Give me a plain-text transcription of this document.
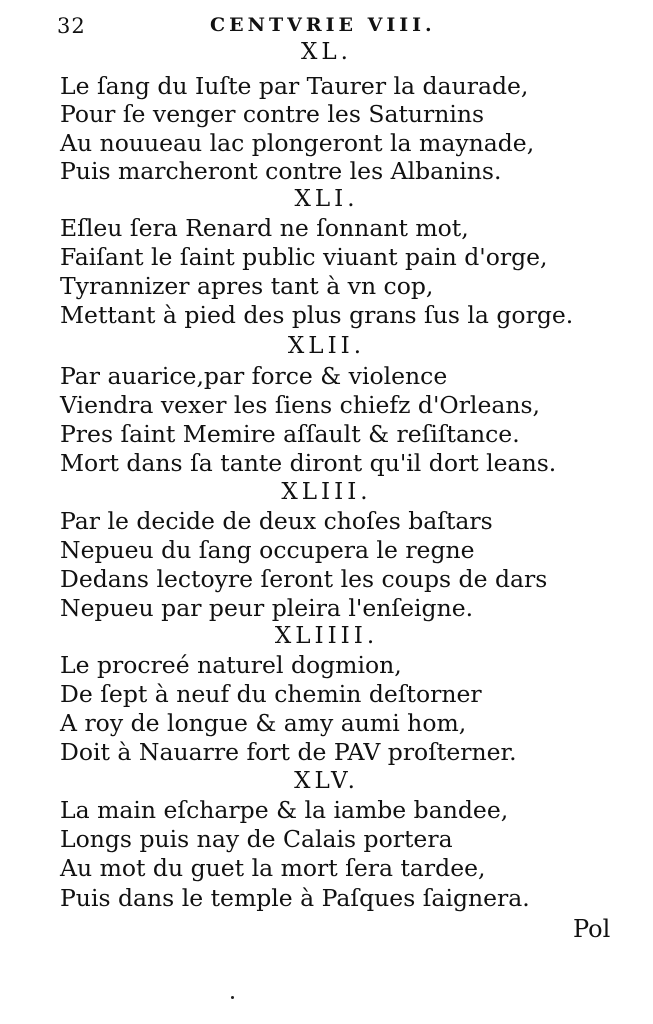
32	CENTVRIE VIII.
XL.
Le ſang du Iuſte par Taurer la daurade,
Pour ſe venger contre les Saturnins
Au nouueau lac plongeront la maynade,
Puis marcheront contre les Albanins.
XLI.
Eſleu ſera Renard ne ſonnant mot,
Faiſant le ſaint public viuant pain d'orge,
Tyrannizer apres tant à vn cop,
Mettant à pied des plus grans ſus la gorge.
XLII.
Par auarice,par force & violence
Viendra vexer les ſiens chiefz d'Orleans,
Pres ſaint Memire aſſault & reſiſtance.
Mort dans ſa tante diront qu'il dort leans.
XLIII.
Par le decide de deux choſes baſtars
Nepueu du ſang occupera le regne
Dedans lectoyre ſeront les coups de dars
Nepueu par peur pleira l'enſeigne.
XLIIII.
Le procreé naturel dogmion,
De ſept à neuf du chemin deſtorner
A roy de longue & amy aumi hom,
Doit à Nauarre fort de PAV proſterner.
XLV.
La main eſcharpe & la iambe bandee,
Longs puis nay de Calais portera
Au mot du guet la mort ſera tardee,
Puis dans le temple à Paſques ſaignera.
Pol
